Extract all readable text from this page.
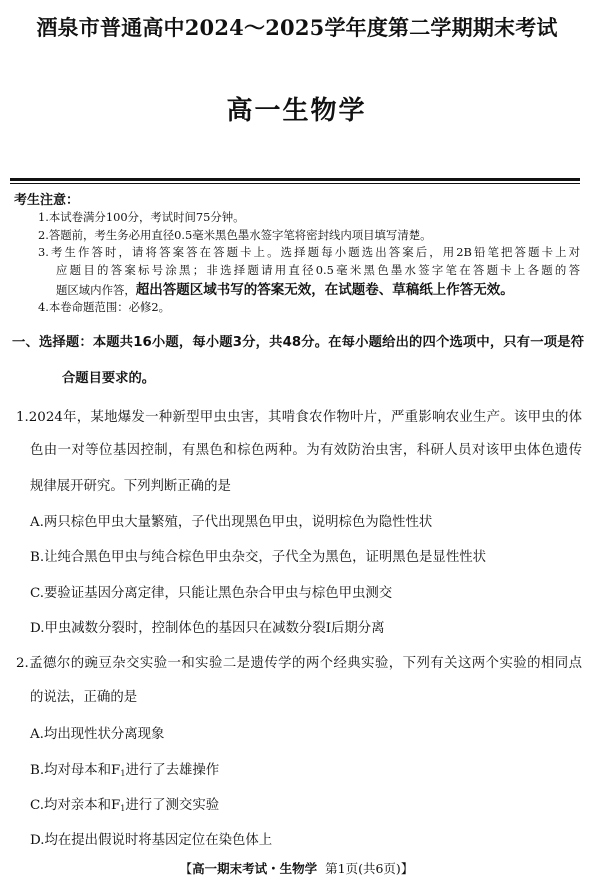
酒泉市普通高中2024～2025学年度第二学期期末考试
高一生物学
考生注意：
1.本试卷满分100分，考试时间75分钟。
2.答题前，考生务必用直径0.5毫米黑色墨水签字笔将密封线内项目填写清楚。
3.考生作答时，请将答案答在答题卡上。选择题每小题选出答案后，用2B铅笔把答题卡上对
应题目的答案标号涂黑；非选择题请用直径0.5毫米黑色墨水签字笔在答题卡上各题的答
题区域内作答，超出答题区域书写的答案无效，在试题卷、草稿纸上作答无效。
4.本卷命题范围：必修2。
一、选择题：本题共16小题，每小题3分，共48分。在每小题给出的四个选项中，只有一项是符
合题目要求的。
1.2024年，某地爆发一种新型甲虫虫害，其啃食农作物叶片，严重影响农业生产。该甲虫的体
色由一对等位基因控制，有黑色和棕色两种。为有效防治虫害，科研人员对该甲虫体色遗传
规律展开研究。下列判断正确的是
A.两只棕色甲虫大量繁殖，子代出现黑色甲虫，说明棕色为隐性性状
B.让纯合黑色甲虫与纯合棕色甲虫杂交，子代全为黑色，证明黑色是显性性状
C.要验证基因分离定律，只能让黑色杂合甲虫与棕色甲虫测交
D.甲虫减数分裂时，控制体色的基因只在减数分裂Ⅰ后期分离
2.孟德尔的豌豆杂交实验一和实验二是遗传学的两个经典实验，下列有关这两个实验的相同点
的说法，正确的是
A.均出现性状分离现象
B.均对母本和$F_1$进行了去雄操作
C.均对亲本和$F_1$进行了测交实验
D.均在提出假说时将基因定位在染色体上
【高一期末考试・生物学 第1页(共6页)】
